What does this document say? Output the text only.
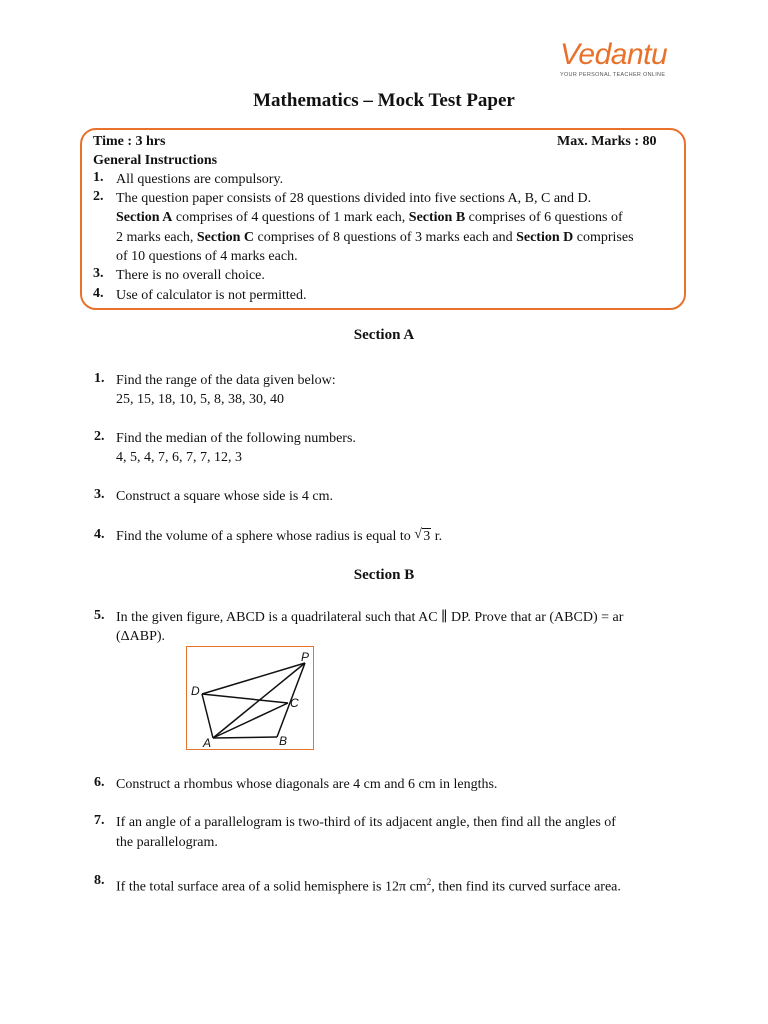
Vedantu
YOUR PERSONAL TEACHER ONLINE
Mathematics – Mock Test Paper
Time : 3 hrs	Max. Marks : 80
General Instructions
1. All questions are compulsory.
2. The question paper consists of 28 questions divided into five sections A, B, C and D.
Section A comprises of 4 questions of 1 mark each, Section B comprises of 6 questions of
2 marks each, Section C comprises of 8 questions of 3 marks each and Section D comprises
of 10 questions of 4 marks each.
3. There is no overall choice.
4. Use of calculator is not permitted.
Section A
1. Find the range of the data given below:
25, 15, 18, 10, 5, 8, 38, 30, 40
2. Find the median of the following numbers.
4, 5, 4, 7, 6, 7, 7, 12, 3
3. Construct a square whose side is 4 cm.
4. Find the volume of a sphere whose radius is equal to √ 3 r.
Section B
5. In the given figure, ABCD is a quadrilateral such that AC ∥ DP. Prove that ar (ABCD) = ar
(ΔABP).
P
D
C
A	B
6. Construct a rhombus whose diagonals are 4 cm and 6 cm in lengths.
7. If an angle of a parallelogram is two-third of its adjacent angle, then find all the angles of
the parallelogram.
8. If the total surface area of a solid hemisphere is 12π $cm^2$, then find its curved surface area.
